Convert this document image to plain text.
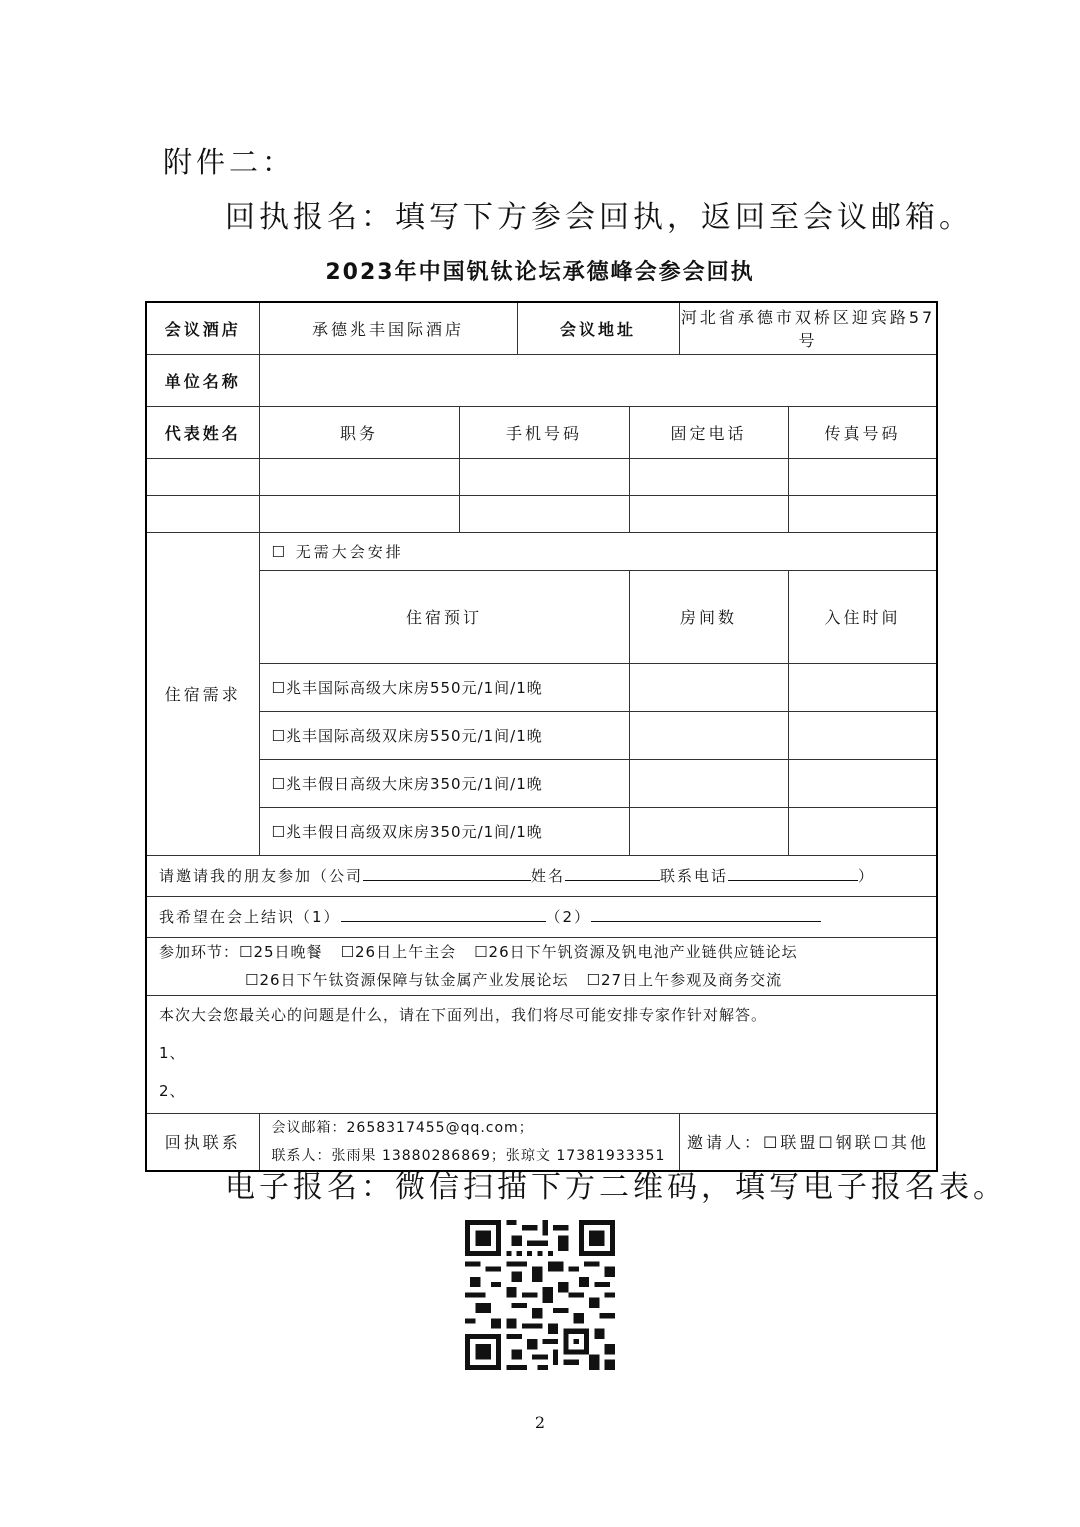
附件二：
回执报名：填写下方参会回执，返回至会议邮箱。
2023年中国钒钛论坛承德峰会参会回执
会议酒店	承德兆丰国际酒店		会议地址		河北省承德市双桥区迎宾路57号		
单位名称							
代表姓名	职务	手机号码		固定电话		传真号码	

住宿需求	☐ 无需大会安排						
	住宿预订			房间数		入住时间	
	☐兆丰国际高级大床房550元/1间/1晚						
	☐兆丰国际高级双床房550元/1间/1晚						
	☐兆丰假日高级大床房350元/1间/1晚						
	☐兆丰假日高级双床房350元/1间/1晚						
请邀请我的朋友参加（公司 姓名 联系电话 ）							
我希望在会上结识（1） （2）							

参加环节：☐25日晚餐 ☐26日上午主会 ☐26日下午钒资源及钒电池产业链供应链论坛
☐26日下午钛资源保障与钛金属产业发展论坛 ☐27日上午参观及商务交流							

本次大会您最关心的问题是什么，请在下面列出，我们将尽可能安排专家作针对解答。
1、
2、							

回执联系	会议邮箱：2658317455@qq.com；
联系人：张雨果 13880286869；张琼文 17381933351				邀请人：☐联盟☐钢联☐其他		
电子报名：微信扫描下方二维码，填写电子报名表。
2
